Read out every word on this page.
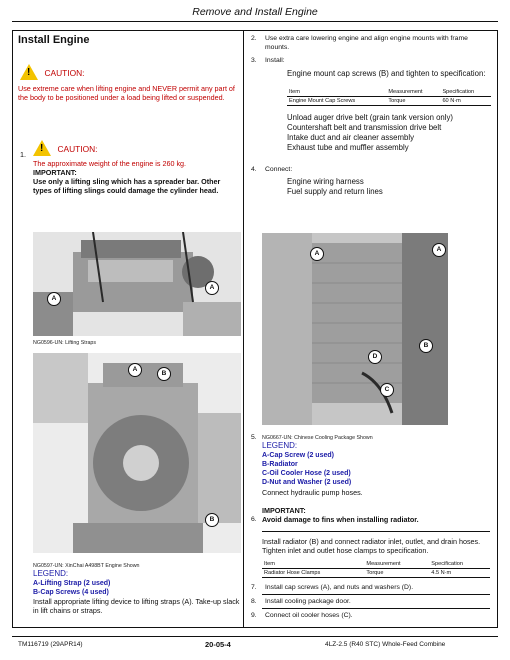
Remove and Install Engine
Install Engine
! $^{CAUTION:}$
Use extreme care when lifting engine and NEVER permit any part of the body to be positioned under a load being lifted or suspended.
1.
! $^{CAUTION:}$
The approximate weight of the engine is 260 kg.
IMPORTANT:
Use only a lifting sling which has a spreader bar. Other types of lifting slings could damage the cylinder head.
A
A
NG0596-UN: Lifting Straps
A
B
B
NG0597-UN: XinChai A498BT Engine Shown
LEGEND:
A-Lifting Strap (2 used)
B-Cap Screws (4 used)
Install appropriate lifting device to lifting straps (A). Take-up slack in lift chains or straps.
2. Use extra care lowering engine and align engine mounts with frame mounts.
3. Install:
Engine mount cap screws (B) and tighten to specification:
Item	Measurement	Specification
Engine Mount Cap Screws	Torque	60 N·m
Unload auger drive belt (grain tank version only)
Countershaft belt and transmission drive belt
Intake duct and air cleaner assembly
Exhaust tube and muffler assembly
4. Connect:
Engine wiring harness
Fuel supply and return lines
A
A
B
D
C
5. NG0667-UN: Chinese Cooling Package Shown
LEGEND:
A-Cap Screw (2 used)
B-Radiator
C-Oil Cooler Hose (2 used)
D-Nut and Washer (2 used)
Connect hydraulic pump hoses.
IMPORTANT:
6. Avoid damage to fins when installing radiator.
Install radiator (B) and connect radiator inlet, outlet, and drain hoses. Tighten inlet and outlet hose clamps to specification.
Item	Measurement	Specification
Radiator Hose Clamps	Torque	4.5 N·m
7. Install cap screws (A), and nuts and washers (D).
8. Install cooling package door.
9. Connect oil cooler hoses (C).
TM116719 (29APR14)	20-05-4	4LZ-2.5 (R40 STC) Whole-Feed Combine
